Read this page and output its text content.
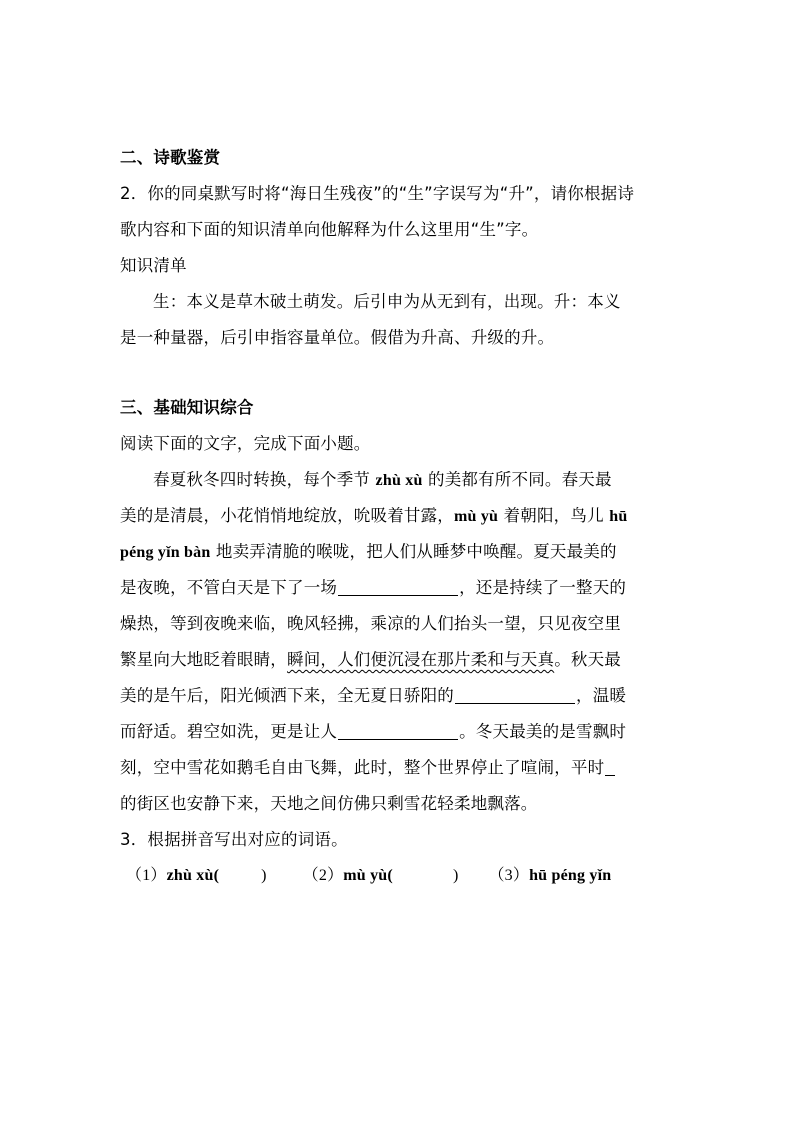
二、诗歌鉴赏
2．你的同桌默写时将“海日生残夜”的“生”字误写为“升”，请你根据诗
歌内容和下面的知识清单向他解释为什么这里用“生”字。
知识清单
生：本义是草木破土萌发。后引申为从无到有，出现。升：本义
是一种量器，后引申指容量单位。假借为升高、升级的升。
三、基础知识综合
阅读下面的文字，完成下面小题。
春夏秋冬四时转换，每个季节 zhù xù 的美都有所不同。春天最
美的是清晨，小花悄悄地绽放，吮吸着甘露，mù yù 着朝阳，鸟儿 hū
péng yǐn bàn 地卖弄清脆的喉咙，把人们从睡梦中唤醒。夏天最美的
是夜晚，不管白天是下了一场	，还是持续了一整天的
燥热，等到夜晚来临，晚风轻拂，乘凉的人们抬头一望，只见夜空里
繁星向大地眨着眼睛，瞬间，人们便沉浸在那片柔和与天真。秋天最
美的是午后，阳光倾洒下来，全无夏日骄阳的	，温暖
而舒适。碧空如洗，更是让人	。冬天最美的是雪飘时
刻，空中雪花如鹅毛自由飞舞，此时，整个世界停止了喧闹，平时
的街区也安静下来，天地之间仿佛只剩雪花轻柔地飘落。
3．根据拼音写出对应的词语。
（1）zhù xù(	) （2）mù yù(	) （3）hū péng yǐn
